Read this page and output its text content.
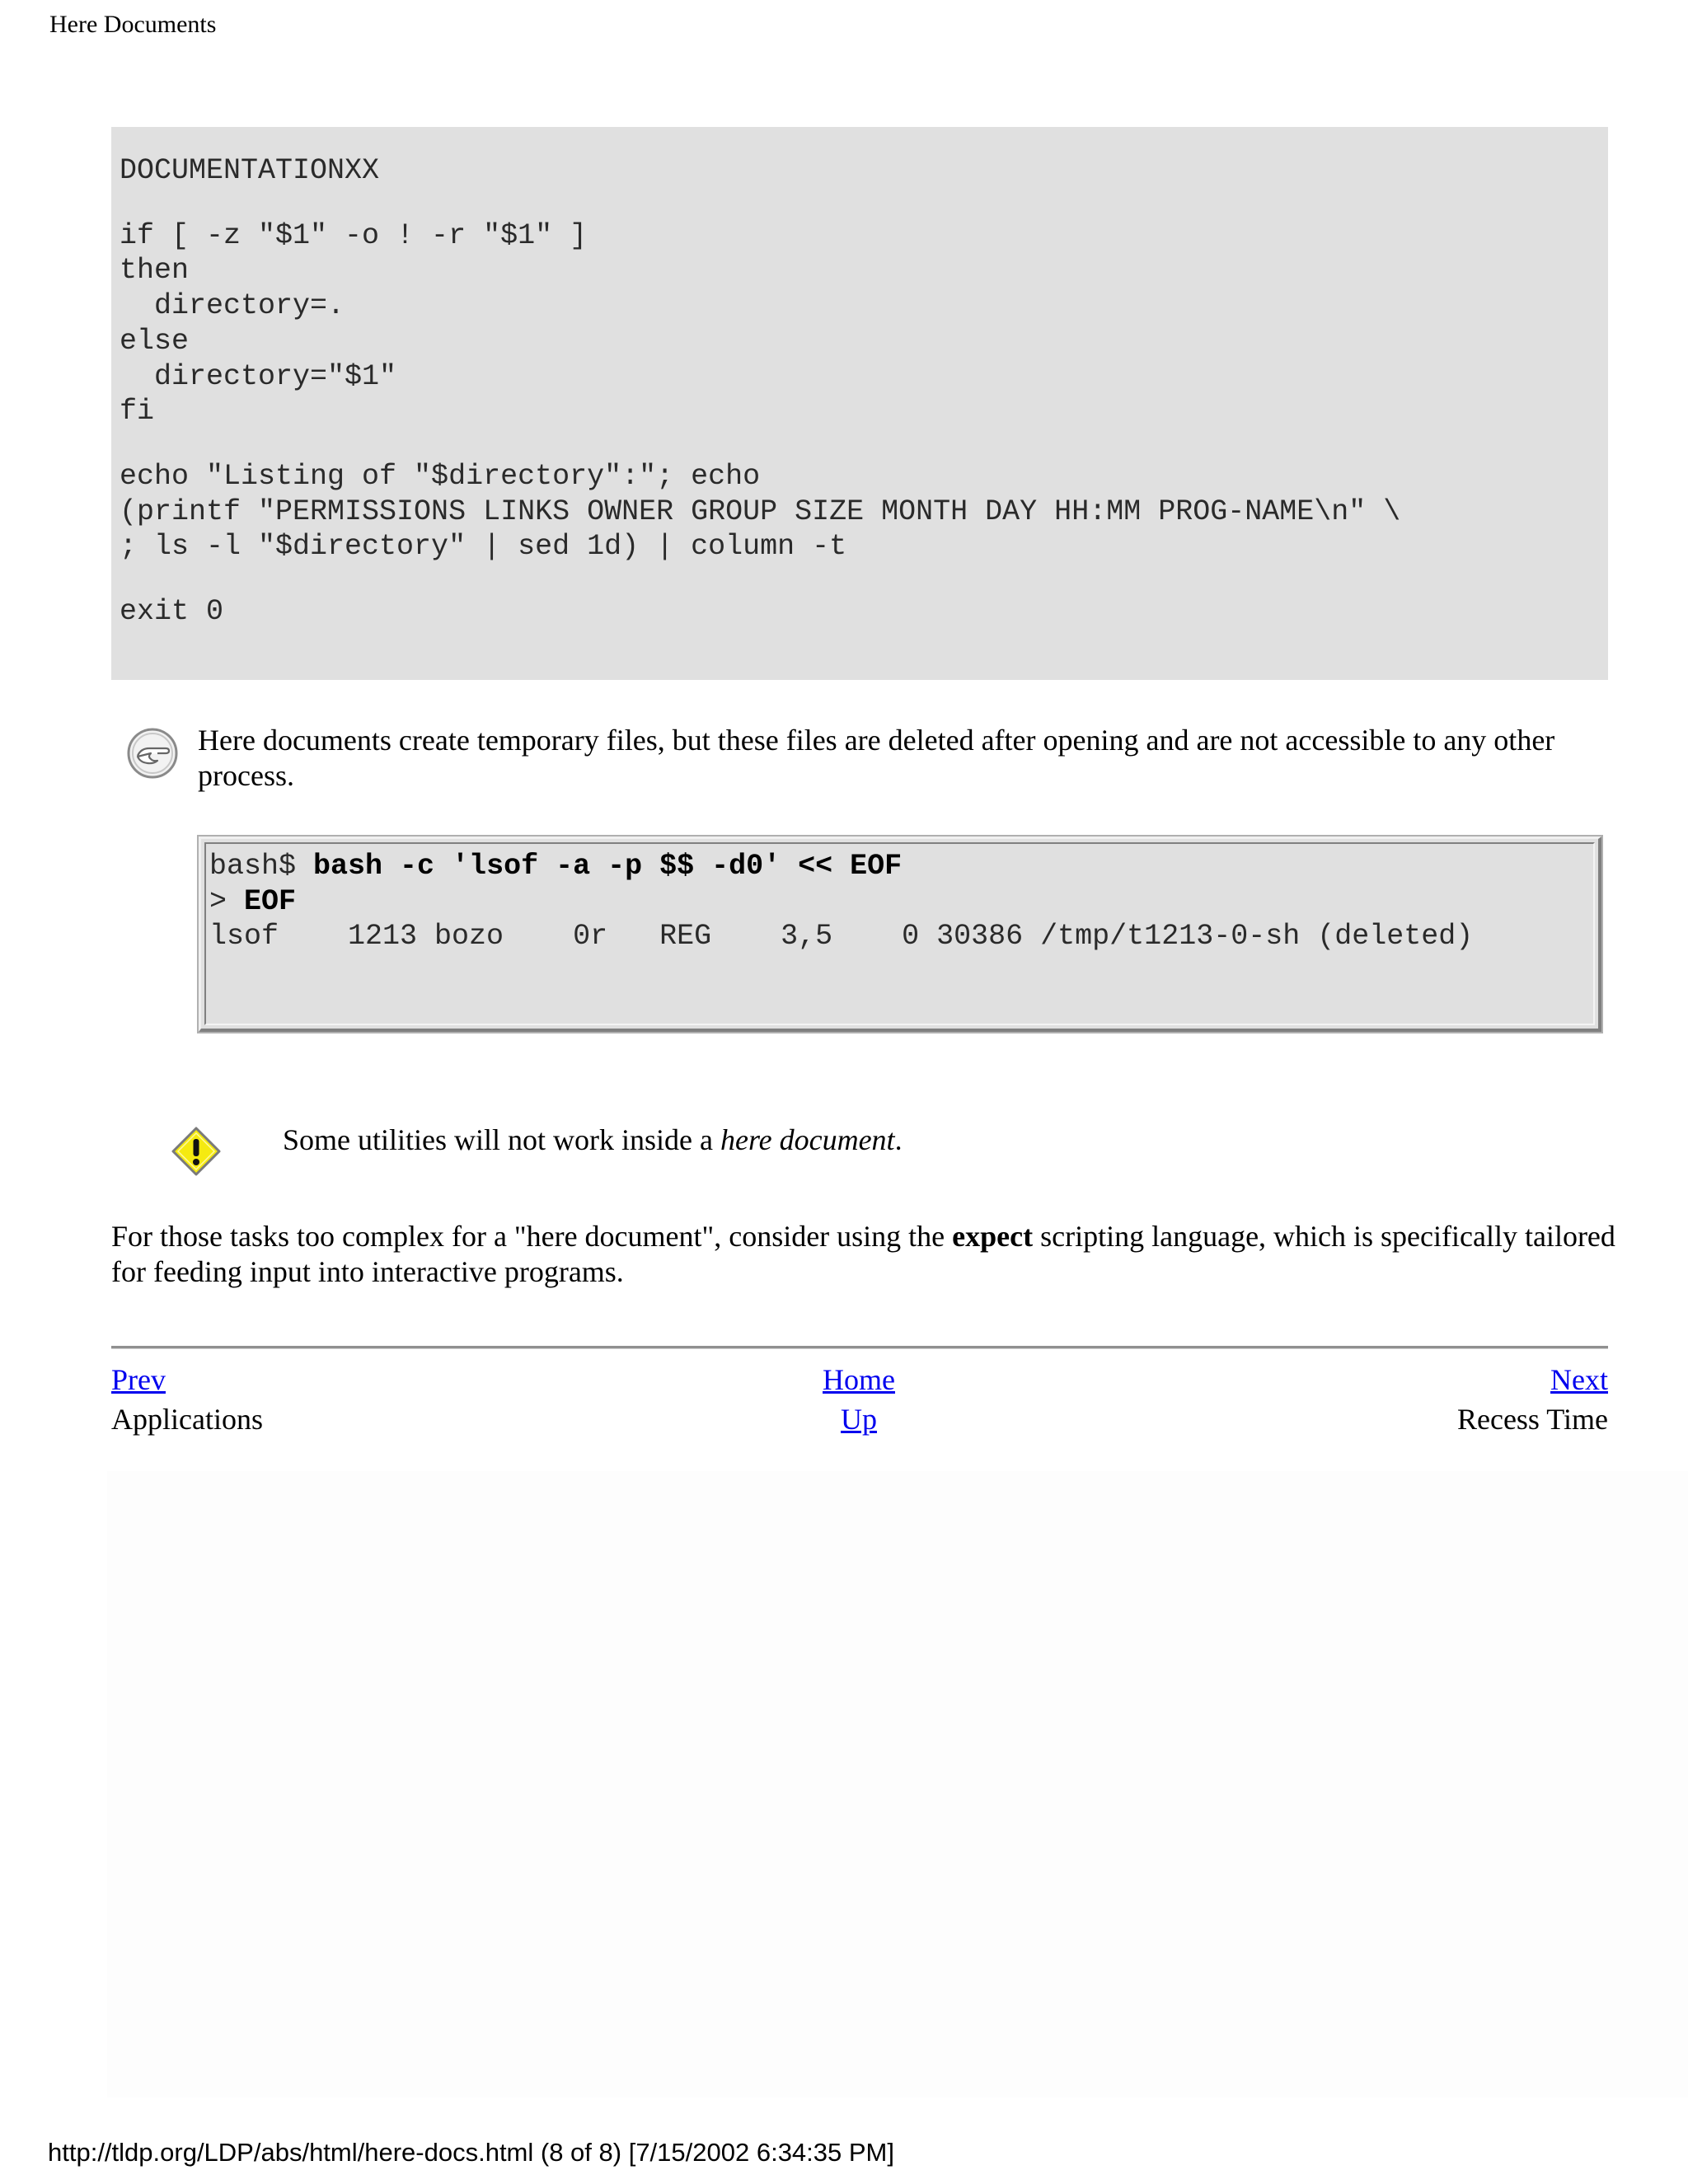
Here Documents
DOCUMENTATIONXX

if [ -z "$1" -o ! -r "$1" ]
then
directory=.
else
directory="$1"
fi

echo "Listing of "$directory":"; echo
(printf "PERMISSIONS LINKS OWNER GROUP SIZE MONTH DAY HH:MM PROG-NAME\n" \
; ls -l "$directory" | sed 1d) | column -t

exit 0
Here documents create temporary files, but these files are deleted after opening and are not accessible to any other process.
bash$ bash -c 'lsof -a -p $$ -d0' << EOF
> EOF
lsof    1213 bozo    0r   REG    3,5    0 30386 /tmp/t1213-0-sh (deleted)
Some utilities will not work inside a here document.
For those tasks too complex for a "here document", consider using the expect scripting language, which is specifically tailored for feeding input into interactive programs.
Prev	Home	Next
Applications	Up	Recess Time
http://tldp.org/LDP/abs/html/here-docs.html (8 of 8) [7/15/2002 6:34:35 PM]
